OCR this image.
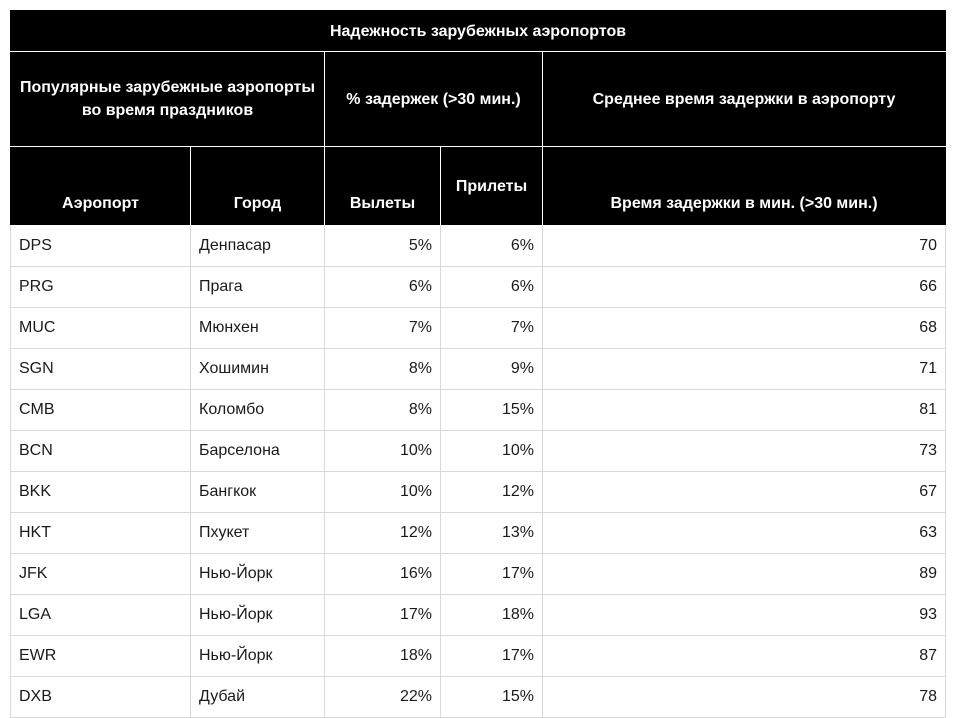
Надежность зарубежных аэропортов				
Популярные зарубежные аэропорты во время праздников		% задержек (>30 мин.)		Среднее время задержки в аэропорту
Аэропорт	Город	Вылеты	Прилеты	Время задержки в мин. (>30 мин.)
DPS	Денпасар	5%	6%	70
PRG	Прага	6%	6%	66
MUC	Мюнхен	7%	7%	68
SGN	Хошимин	8%	9%	71
CMB	Коломбо	8%	15%	81
BCN	Барселона	10%	10%	73
BKK	Бангкок	10%	12%	67
HKT	Пхукет	12%	13%	63
JFK	Нью-Йорк	16%	17%	89
LGA	Нью-Йорк	17%	18%	93
EWR	Нью-Йорк	18%	17%	87
DXB	Дубай	22%	15%	78
